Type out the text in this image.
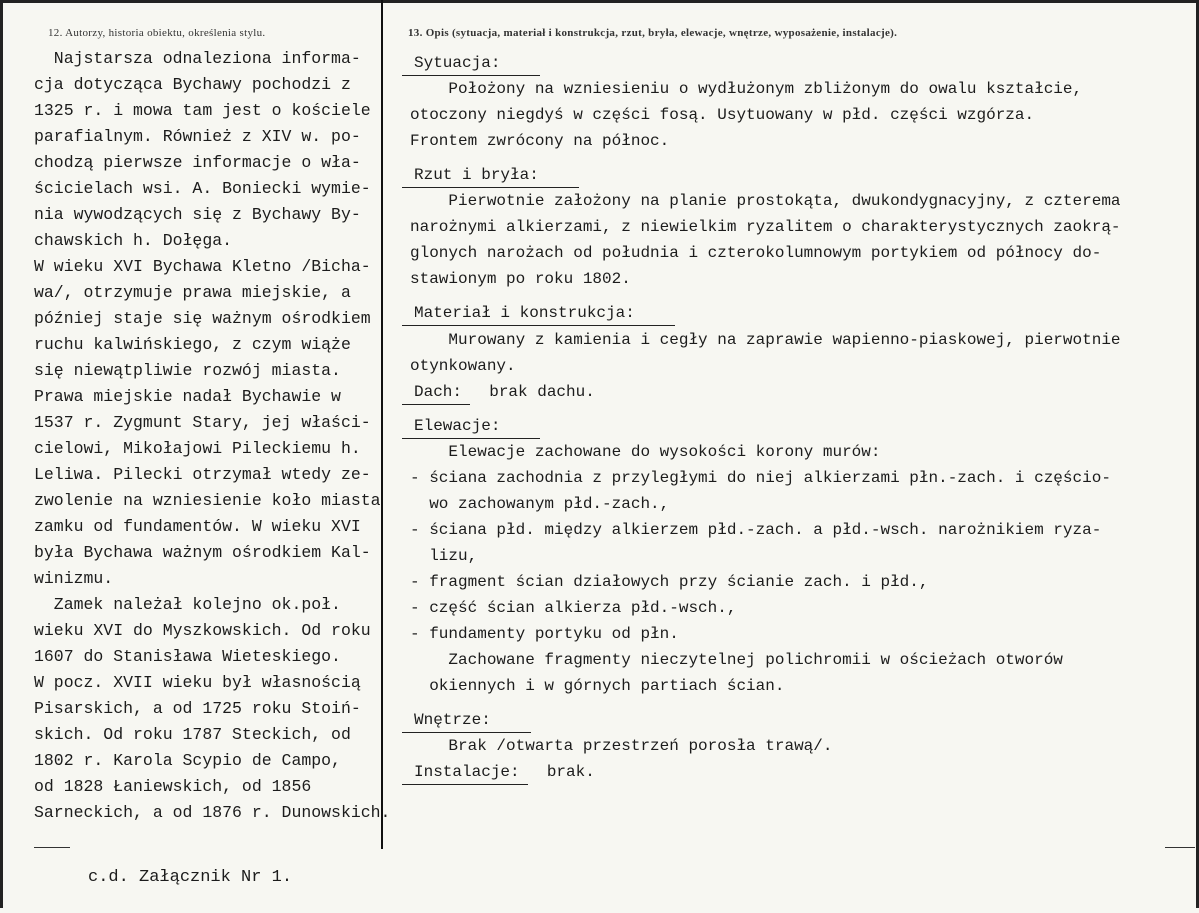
12. Autorzy, historia obiektu, określenia stylu.	13. Opis (sytuacja, materiał i konstrukcja, rzut, bryła, elewacje, wnętrze, wyposażenie, instalacje).
Najstarsza odnaleziona informa-
cja dotycząca Bychawy pochodzi z
1325 r. i mowa tam jest o kościele
parafialnym. Również z XIV w. po-
chodzą pierwsze informacje o wła-
ścicielach wsi. A. Boniecki wymie-
nia wywodzących się z Bychawy By-
chawskich h. Dołęga.
W wieku XVI Bychawa Kletno /Bicha-
wa/, otrzymuje prawa miejskie, a
później staje się ważnym ośrodkiem
ruchu kalwińskiego, z czym wiąże
się niewątpliwie rozwój miasta.
Prawa miejskie nadał Bychawie w
1537 r. Zygmunt Stary, jej właści-
cielowi, Mikołajowi Pileckiemu h.
Leliwa. Pilecki otrzymał wtedy ze-
zwolenie na wzniesienie koło miasta
zamku od fundamentów. W wieku XVI
była Bychawa ważnym ośrodkiem Kal-
winizmu.
Zamek należał kolejno ok.poł.
wieku XVI do Myszkowskich. Od roku
1607 do Stanisława Wieteskiego.
W pocz. XVII wieku był własnością
Pisarskich, a od 1725 roku Stoiń-
skich. Od roku 1787 Steckich, od
1802 r. Karola Scypio de Campo,
od 1828 Łaniewskich, od 1856
Sarneckich, a od 1876 r. Dunowskich.
Sytuacja:
Położony na wzniesieniu o wydłużonym zbliżonym do owalu kształcie,
otoczony niegdyś w części fosą. Usytuowany w płd. części wzgórza.
Frontem zwrócony na północ.
Rzut i bryła:
Pierwotnie założony na planie prostokąta, dwukondygnacyjny, z czterema
narożnymi alkierzami, z niewielkim ryzalitem o charakterystycznych zaokrą-
glonych narożach od południa i czterokolumnowym portykiem od północy do-
stawionym po roku 1802.
Materiał i konstrukcja:
Murowany z kamienia i cegły na zaprawie wapienno-piaskowej, pierwotnie
otynkowany.
Dach: brak dachu.
Elewacje:
Elewacje zachowane do wysokości korony murów:
- ściana zachodnia z przyległymi do niej alkierzami płn.-zach. i częścio-
wo zachowanym płd.-zach.,
- ściana płd. między alkierzem płd.-zach. a płd.-wsch. narożnikiem ryza-
lizu,
- fragment ścian działowych przy ścianie zach. i płd.,
- część ścian alkierza płd.-wsch.,
- fundamenty portyku od płn.
Zachowane fragmenty nieczytelnej polichromii w ościeżach otworów
okiennych i w górnych partiach ścian.
Wnętrze:
Brak /otwarta przestrzeń porosła trawą/.
Instalacje: brak.
c.d. Załącznik Nr 1.
